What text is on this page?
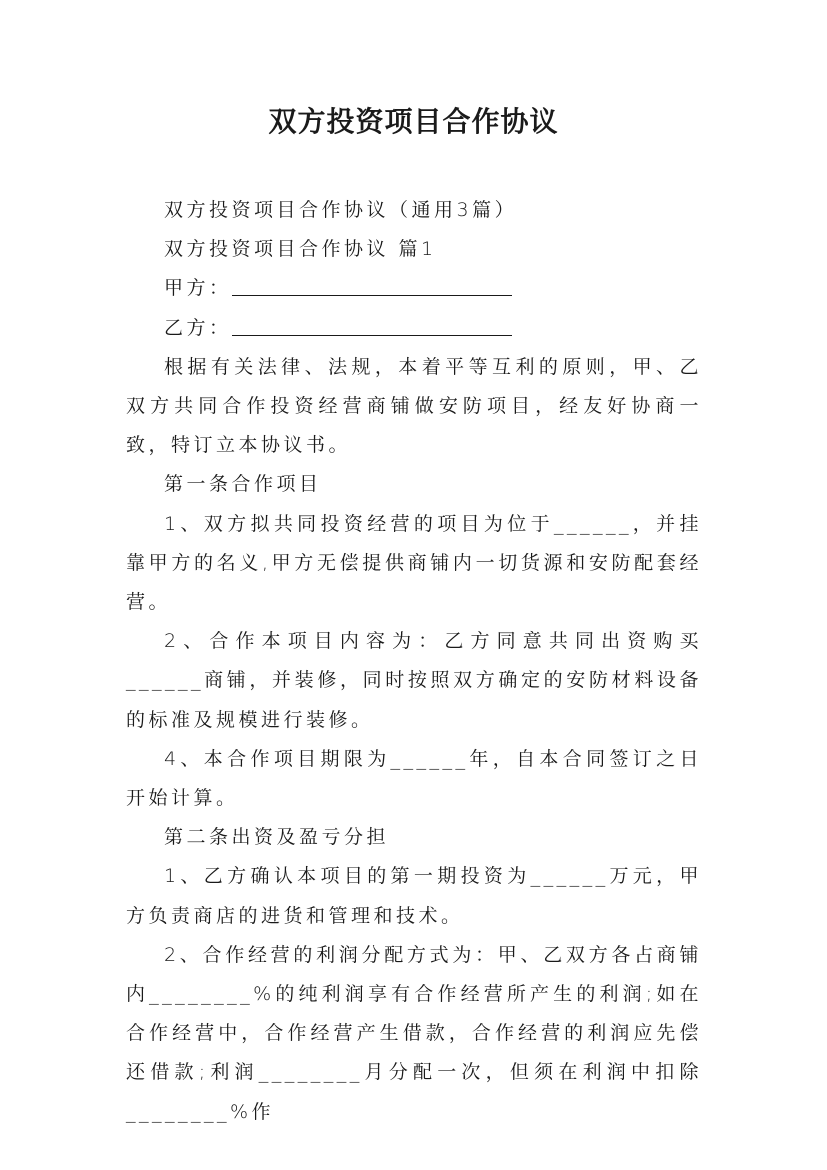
双方投资项目合作协议

双方投资项目合作协议（通用3篇）

双方投资项目合作协议 篇1

甲方：

乙方：

根据有关法律、法规，本着平等互利的原则，甲、乙双方共同合作投资经营商铺做安防项目，经友好协商一致，特订立本协议书。

第一条合作项目

1、双方拟共同投资经营的项目为位于______，并挂靠甲方的名义,甲方无偿提供商铺内一切货源和安防配套经营。

2、合作本项目内容为：乙方同意共同出资购买______商铺，并装修，同时按照双方确定的安防材料设备的标准及规模进行装修。

4、本合作项目期限为______年，自本合同签订之日开始计算。

第二条出资及盈亏分担

1、乙方确认本项目的第一期投资为______万元，甲方负责商店的进货和管理和技术。

2、合作经营的利润分配方式为：甲、乙双方各占商铺内________%的纯利润享有合作经营所产生的利润;如在合作经营中，合作经营产生借款，合作经营的利润应先偿还借款;利润________月分配一次，但须在利润中扣除________%作
